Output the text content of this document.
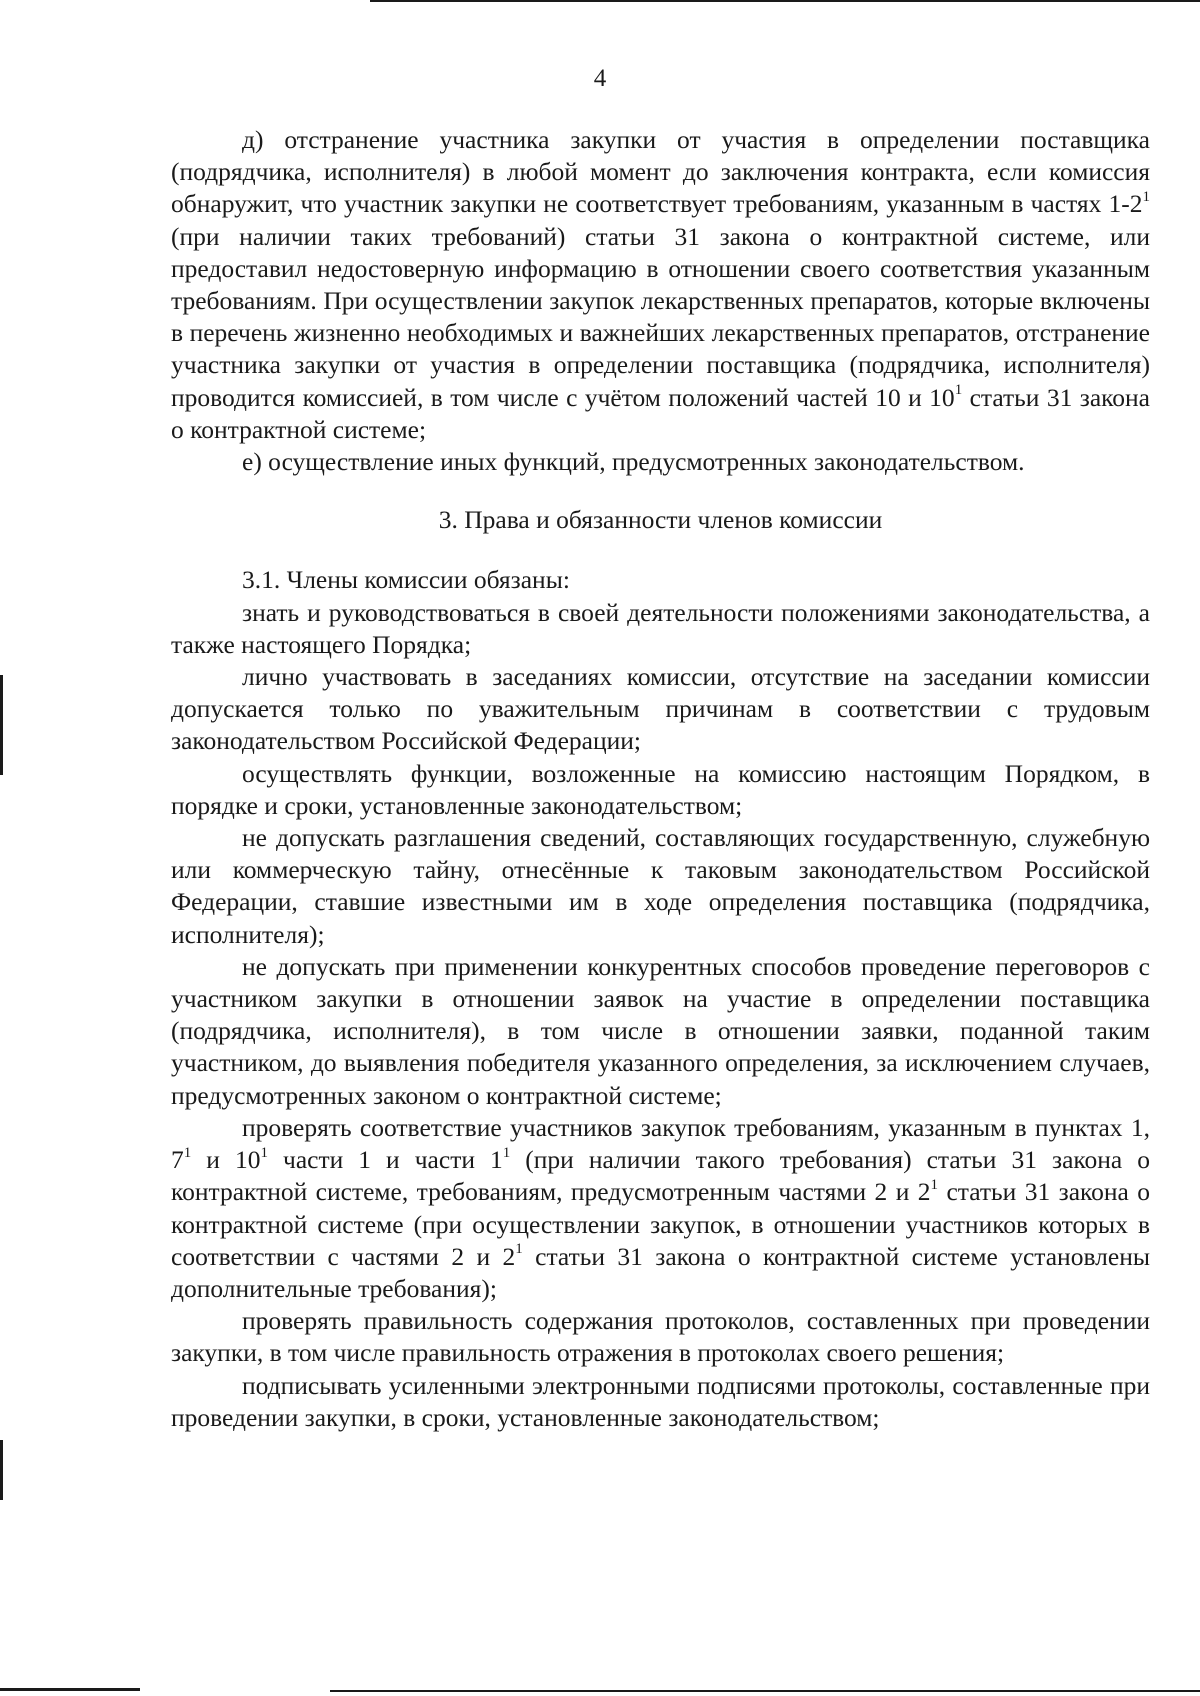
4

д) отстранение участника закупки от участия в определении поставщика (подрядчика, исполнителя) в любой момент до заключения контракта, если комиссия обнаружит, что участник закупки не соответствует требованиям, указанным в частях $1-2^1$ (при наличии таких требований) статьи 31 закона о контрактной системе, или предоставил недостоверную информацию в отношении своего соответствия указанным требованиям. При осуществлении закупок лекарственных препаратов, которые включены в перечень жизненно необходимых и важнейших лекарственных препаратов, отстранение участника закупки от участия в определении поставщика (подрядчика, исполнителя) проводится комиссией, в том числе с учётом положений частей 10 и $10^1$ статьи 31 закона о контрактной системе;

е) осуществление иных функций, предусмотренных законодательством.

3. Права и обязанности членов комиссии

3.1. Члены комиссии обязаны:

знать и руководствоваться в своей деятельности положениями законодательства, а также настоящего Порядка;

лично участвовать в заседаниях комиссии, отсутствие на заседании комиссии допускается только по уважительным причинам в соответствии с трудовым законодательством Российской Федерации;

осуществлять функции, возложенные на комиссию настоящим Порядком, в порядке и сроки, установленные законодательством;

не допускать разглашения сведений, составляющих государственную, служебную или коммерческую тайну, отнесённые к таковым законодательством Российской Федерации, ставшие известными им в ходе определения поставщика (подрядчика, исполнителя);

не допускать при применении конкурентных способов проведение переговоров с участником закупки в отношении заявок на участие в определении поставщика (подрядчика, исполнителя), в том числе в отношении заявки, поданной таким участником, до выявления победителя указанного определения, за исключением случаев, предусмотренных законом о контрактной системе;

проверять соответствие участников закупок требованиям, указанным в пунктах 1, $7^1$ и $10^1$ части 1 и части $1^1$ (при наличии такого требования) статьи 31 закона о контрактной системе, требованиям, предусмотренным частями 2 и $2^1$ статьи 31 закона о контрактной системе (при осуществлении закупок, в отношении участников которых в соответствии с частями 2 и $2^1$ статьи 31 закона о контрактной системе установлены дополнительные требования);

проверять правильность содержания протоколов, составленных при проведении закупки, в том числе правильность отражения в протоколах своего решения;

подписывать усиленными электронными подписями протоколы, составленные при проведении закупки, в сроки, установленные законодательством;
